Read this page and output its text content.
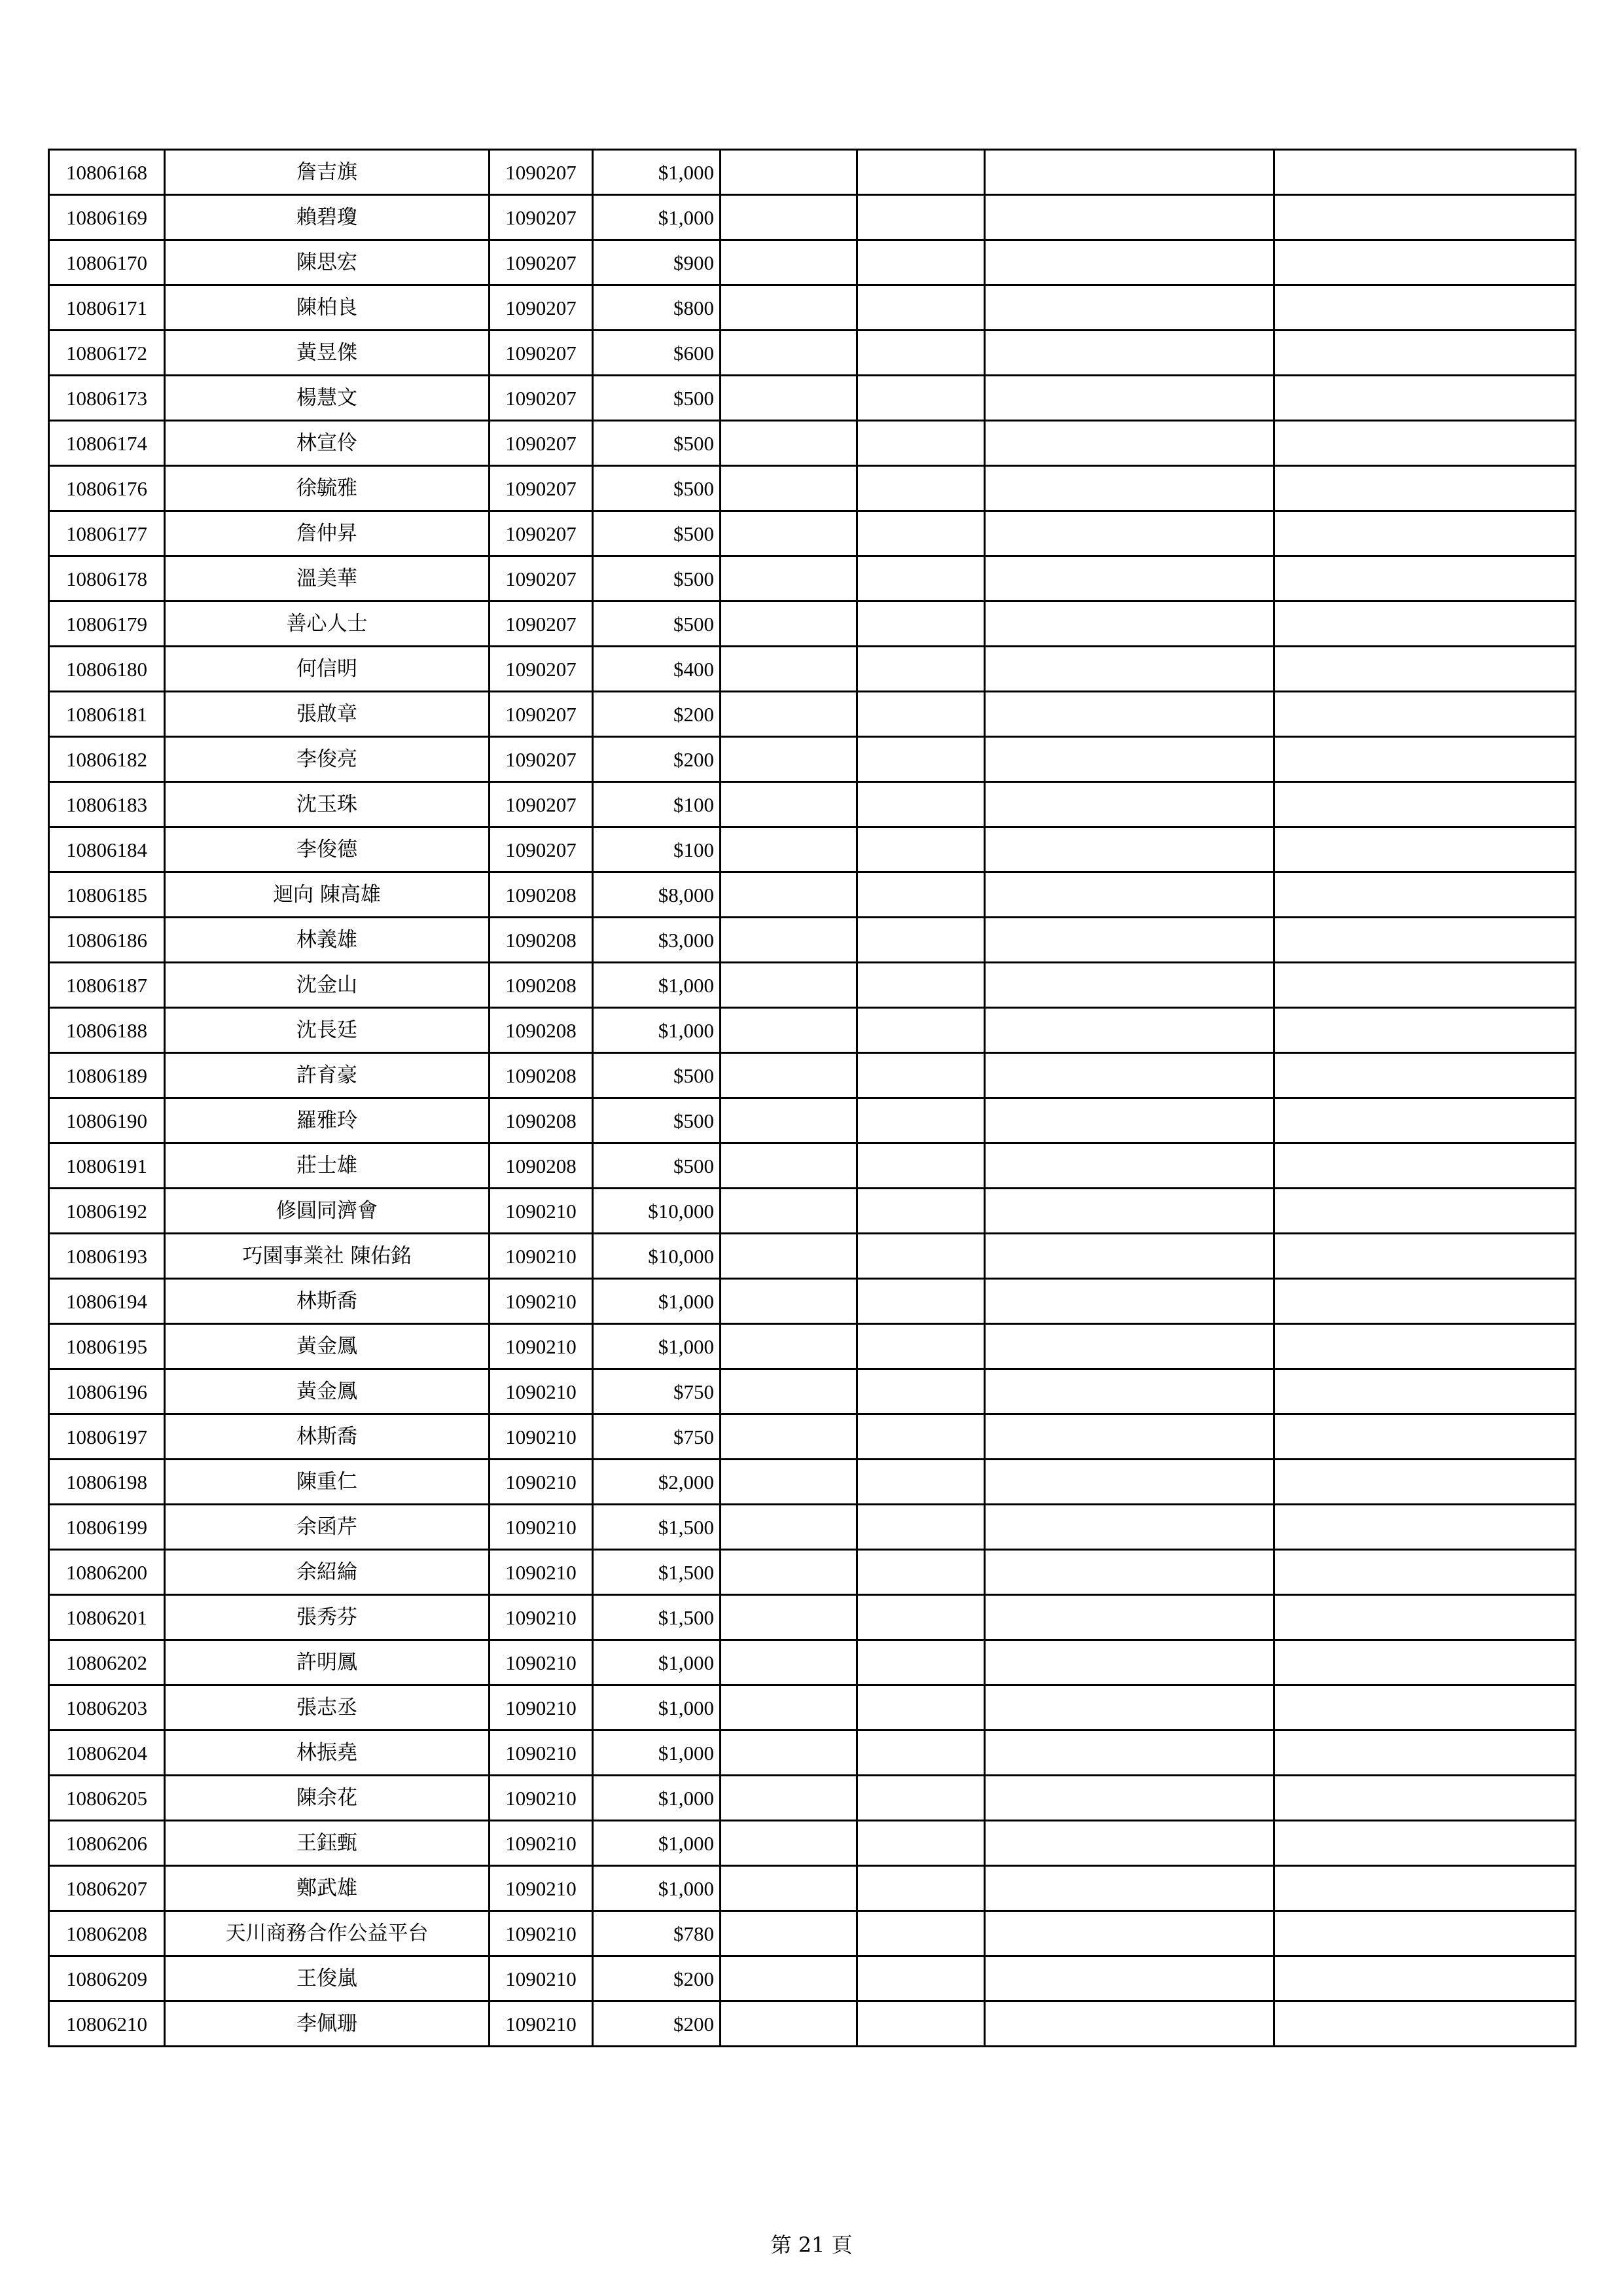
10806168	詹吉旗	1090207	$1,000				
10806169	賴碧瓊	1090207	$1,000				
10806170	陳思宏	1090207	$900				
10806171	陳柏良	1090207	$800				
10806172	黃昱傑	1090207	$600				
10806173	楊慧文	1090207	$500				
10806174	林宣伶	1090207	$500				
10806176	徐毓雅	1090207	$500				
10806177	詹仲昇	1090207	$500				
10806178	溫美華	1090207	$500				
10806179	善心人士	1090207	$500				
10806180	何信明	1090207	$400				
10806181	張啟章	1090207	$200				
10806182	李俊亮	1090207	$200				
10806183	沈玉珠	1090207	$100				
10806184	李俊德	1090207	$100				
10806185	迴向 陳高雄	1090208	$8,000				
10806186	林義雄	1090208	$3,000				
10806187	沈金山	1090208	$1,000				
10806188	沈長廷	1090208	$1,000				
10806189	許育豪	1090208	$500				
10806190	羅雅玲	1090208	$500				
10806191	莊士雄	1090208	$500				
10806192	修圓同濟會	1090210	$10,000				
10806193	巧園事業社 陳佑銘	1090210	$10,000				
10806194	林斯喬	1090210	$1,000				
10806195	黃金鳳	1090210	$1,000				
10806196	黃金鳳	1090210	$750				
10806197	林斯喬	1090210	$750				
10806198	陳重仁	1090210	$2,000				
10806199	余函芹	1090210	$1,500				
10806200	余紹綸	1090210	$1,500				
10806201	張秀芬	1090210	$1,500				
10806202	許明鳳	1090210	$1,000				
10806203	張志丞	1090210	$1,000				
10806204	林振堯	1090210	$1,000				
10806205	陳余花	1090210	$1,000				
10806206	王鈺甄	1090210	$1,000				
10806207	鄭武雄	1090210	$1,000				
10806208	天川商務合作公益平台	1090210	$780				
10806209	王俊嵐	1090210	$200				
10806210	李佩珊	1090210	$200				
第 21 頁
